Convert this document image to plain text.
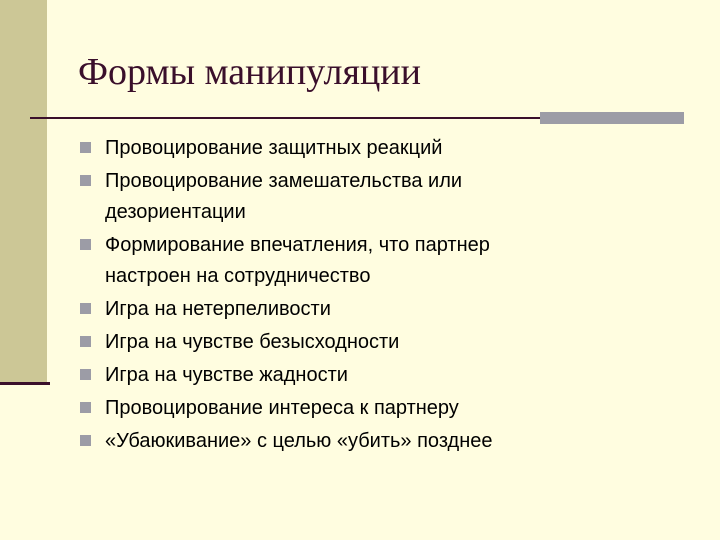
Формы манипуляции
Провоцирование защитных реакций
Провоцирование замешательства или дезориентации
Формирование впечатления, что партнер настроен на сотрудничество
Игра на нетерпеливости
Игра на чувстве безысходности
Игра на чувстве жадности
Провоцирование интереса к партнеру
«Убаюкивание» с целью «убить» позднее
